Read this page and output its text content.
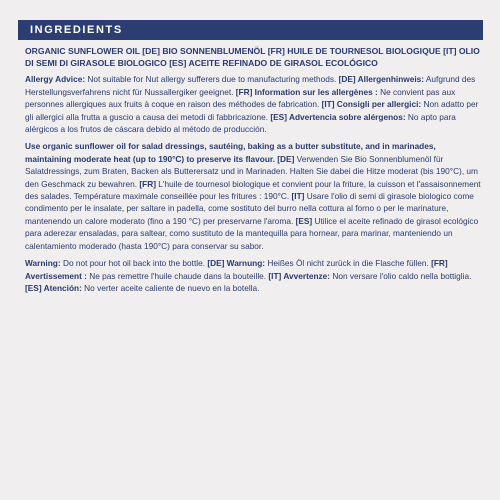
INGREDIENTS

ORGANIC SUNFLOWER OIL [DE] BIO SONNENBLUMENÖL [FR] HUILE DE TOURNESOL BIOLOGIQUE [IT] OLIO DI SEMI DI GIRASOLE BIOLOGICO [ES] ACEITE REFINADO DE GIRASOL ECOLÓGICO

Allergy Advice: Not suitable for Nut allergy sufferers due to manufacturing methods. [DE] Allergenhinweis: Aufgrund des Herstellungsverfahrens nicht für Nussallergiker geeignet. [FR] Information sur les allergènes : Ne convient pas aux personnes allergiques aux fruits à coque en raison des méthodes de fabrication. [IT] Consigli per allergici: Non adatto per gli allergici alla frutta a guscio a causa dei metodi di fabbricazione. [ES] Advertencia sobre alérgenos: No apto para alérgicos a los frutos de cáscara debido al método de producción.

Use organic sunflower oil for salad dressings, sautéing, baking as a butter substitute, and in marinades, maintaining moderate heat (up to 190°C) to preserve its flavour. [DE] Verwenden Sie Bio Sonnenblumenöl für Salatdressings, zum Braten, Backen als Butterersatz und in Marinaden. Halten Sie dabei die Hitze moderat (bis 190°C), um den Geschmack zu bewahren. [FR] L'huile de tournesol biologique et convient pour la friture, la cuisson et l'assaisonnement des salades. Température maximale conseillée pour les fritures : 190°C. [IT] Usare l'olio di semi di girasole biologico come condimento per le insalate, per saltare in padella, come sostituto del burro nella cottura al forno o per le marinature, mantenendo un calore moderato (fino a 190 °C) per preservarne l'aroma. [ES] Utilice el aceite refinado de girasol ecológico para aderezar ensaladas, para saltear, como sustituto de la mantequilla para hornear, para marinar, manteniendo un calentamiento moderado (hasta 190°C) para conservar su sabor.

Warning: Do not pour hot oil back into the bottle. [DE] Warnung: Heißes Öl nicht zurück in die Flasche füllen. [FR] Avertissement : Ne pas remettre l'huile chaude dans la bouteille. [IT] Avvertenze: Non versare l'olio caldo nella bottiglia. [ES] Atención: No verter aceite caliente de nuevo en la botella.
